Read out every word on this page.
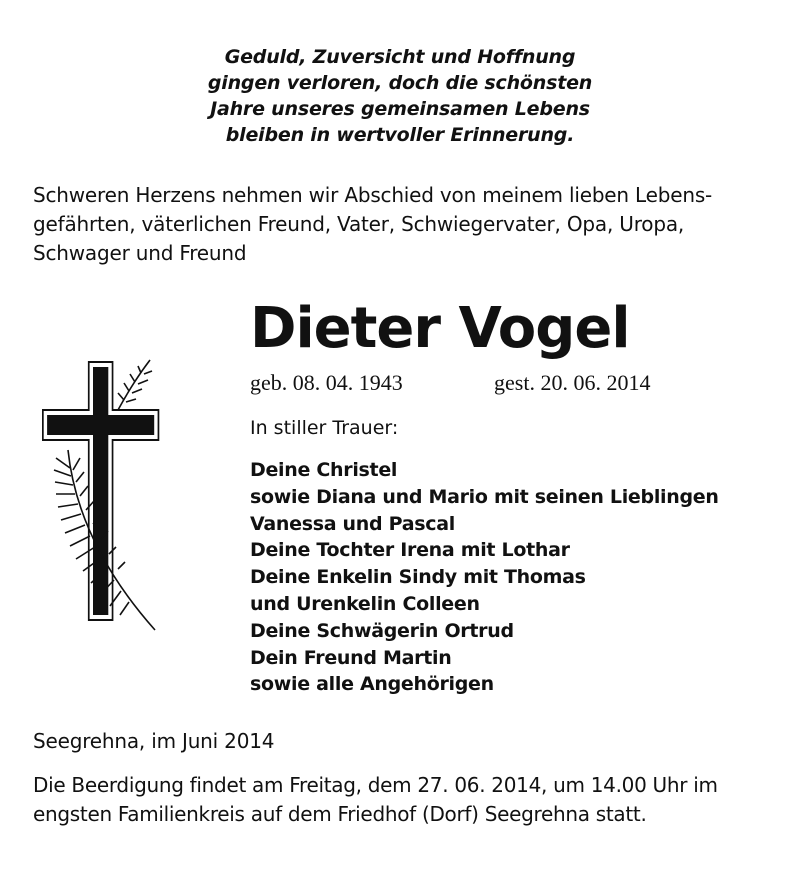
Geduld, Zuversicht und Hoffnung
gingen verloren, doch die schönsten
Jahre unseres gemeinsamen Lebens
bleiben in wertvoller Erinnerung.
Schweren Herzens nehmen wir Abschied von meinem lieben Lebens-
gefährten, väterlichen Freund, Vater, Schwiegervater, Opa, Uropa,
Schwager und Freund
Dieter Vogel
geb. 08. 04. 1943	gest. 20. 06. 2014
In stiller Trauer:
Deine Christel
sowie Diana und Mario mit seinen Lieblingen
Vanessa und Pascal
Deine Tochter Irena mit Lothar
Deine Enkelin Sindy mit Thomas
und Urenkelin Colleen
Deine Schwägerin Ortrud
Dein Freund Martin
sowie alle Angehörigen
Seegrehna, im Juni 2014
Die Beerdigung findet am Freitag, dem 27. 06. 2014, um 14.00 Uhr im
engsten Familienkreis auf dem Friedhof (Dorf) Seegrehna statt.
